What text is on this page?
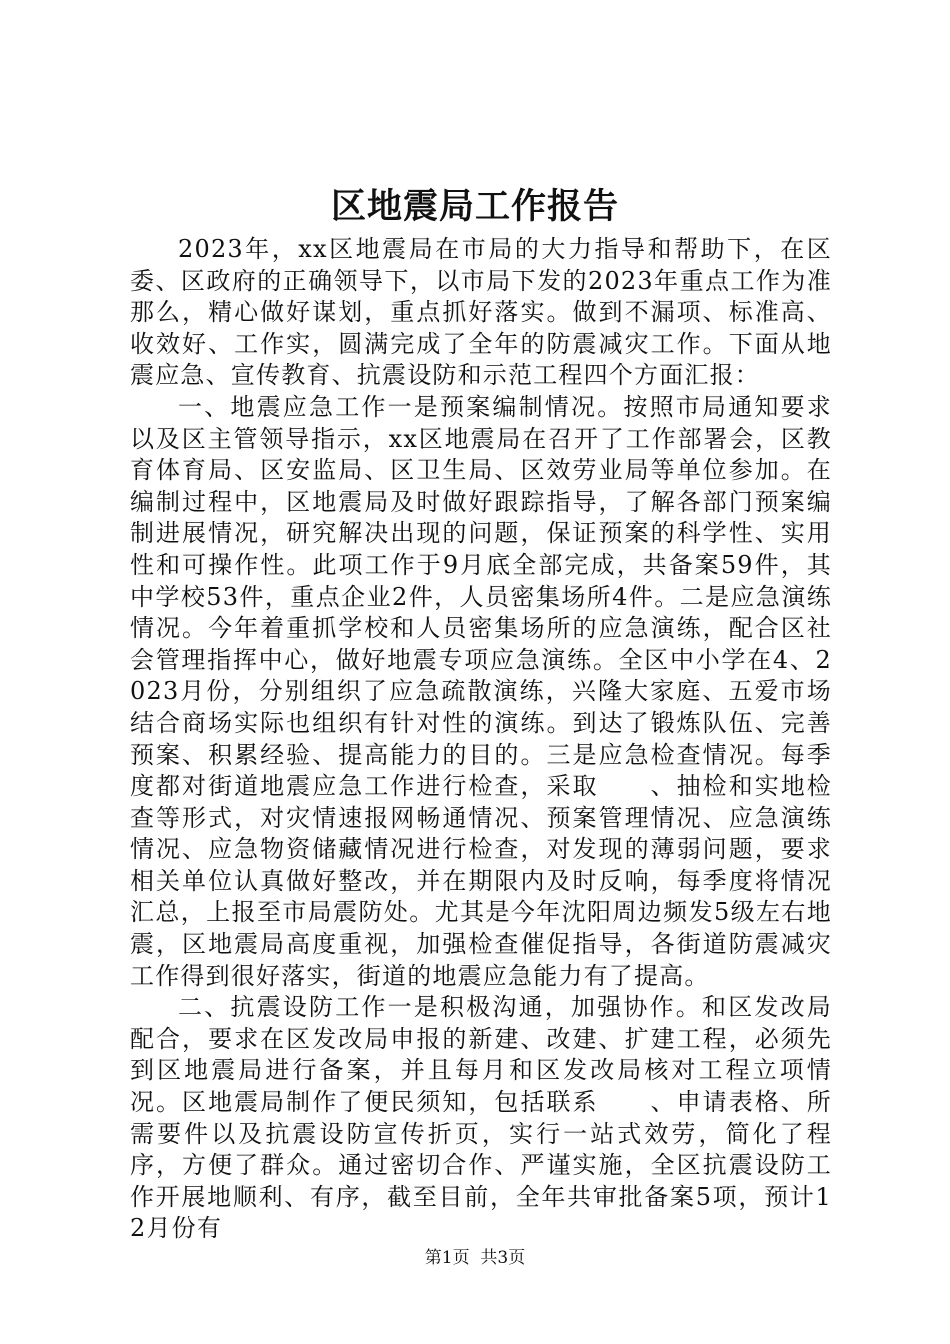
区地震局工作报告

2023年，xx区地震局在市局的大力指导和帮助下，在区委、区政府的正确领导下，以市局下发的2023年重点工作为准那么，精心做好谋划，重点抓好落实。做到不漏项、标准高、收效好、工作实，圆满完成了全年的防震减灾工作。下面从地震应急、宣传教育、抗震设防和示范工程四个方面汇报：

一、地震应急工作一是预案编制情况。按照市局通知要求以及区主管领导指示，xx区地震局在召开了工作部署会，区教育体育局、区安监局、区卫生局、区效劳业局等单位参加。在编制过程中，区地震局及时做好跟踪指导，了解各部门预案编制进展情况，研究解决出现的问题，保证预案的科学性、实用性和可操作性。此项工作于9月底全部完成，共备案59件，其中学校53件，重点企业2件，人员密集场所4件。二是应急演练情况。今年着重抓学校和人员密集场所的应急演练，配合区社会管理指挥中心，做好地震专项应急演练。全区中小学在4、2023月份，分别组织了应急疏散演练，兴隆大家庭、五爱市场结合商场实际也组织有针对性的演练。到达了锻炼队伍、完善预案、积累经验、提高能力的目的。三是应急检查情况。每季度都对街道地震应急工作进行检查，采取　　、抽检和实地检查等形式，对灾情速报网畅通情况、预案管理情况、应急演练情况、应急物资储藏情况进行检查，对发现的薄弱问题，要求相关单位认真做好整改，并在期限内及时反响，每季度将情况汇总，上报至市局震防处。尤其是今年沈阳周边频发5级左右地震，区地震局高度重视，加强检查催促指导，各街道防震减灾工作得到很好落实，街道的地震应急能力有了提高。

二、抗震设防工作一是积极沟通，加强协作。和区发改局配合，要求在区发改局申报的新建、改建、扩建工程，必须先到区地震局进行备案，并且每月和区发改局核对工程立项情况。区地震局制作了便民须知，包括联系　　、申请表格、所需要件以及抗震设防宣传折页，实行一站式效劳，简化了程序，方便了群众。通过密切合作、严谨实施，全区抗震设防工作开展地顺利、有序，截至目前，全年共审批备案5项，预计12月份有

第1页 共3页
